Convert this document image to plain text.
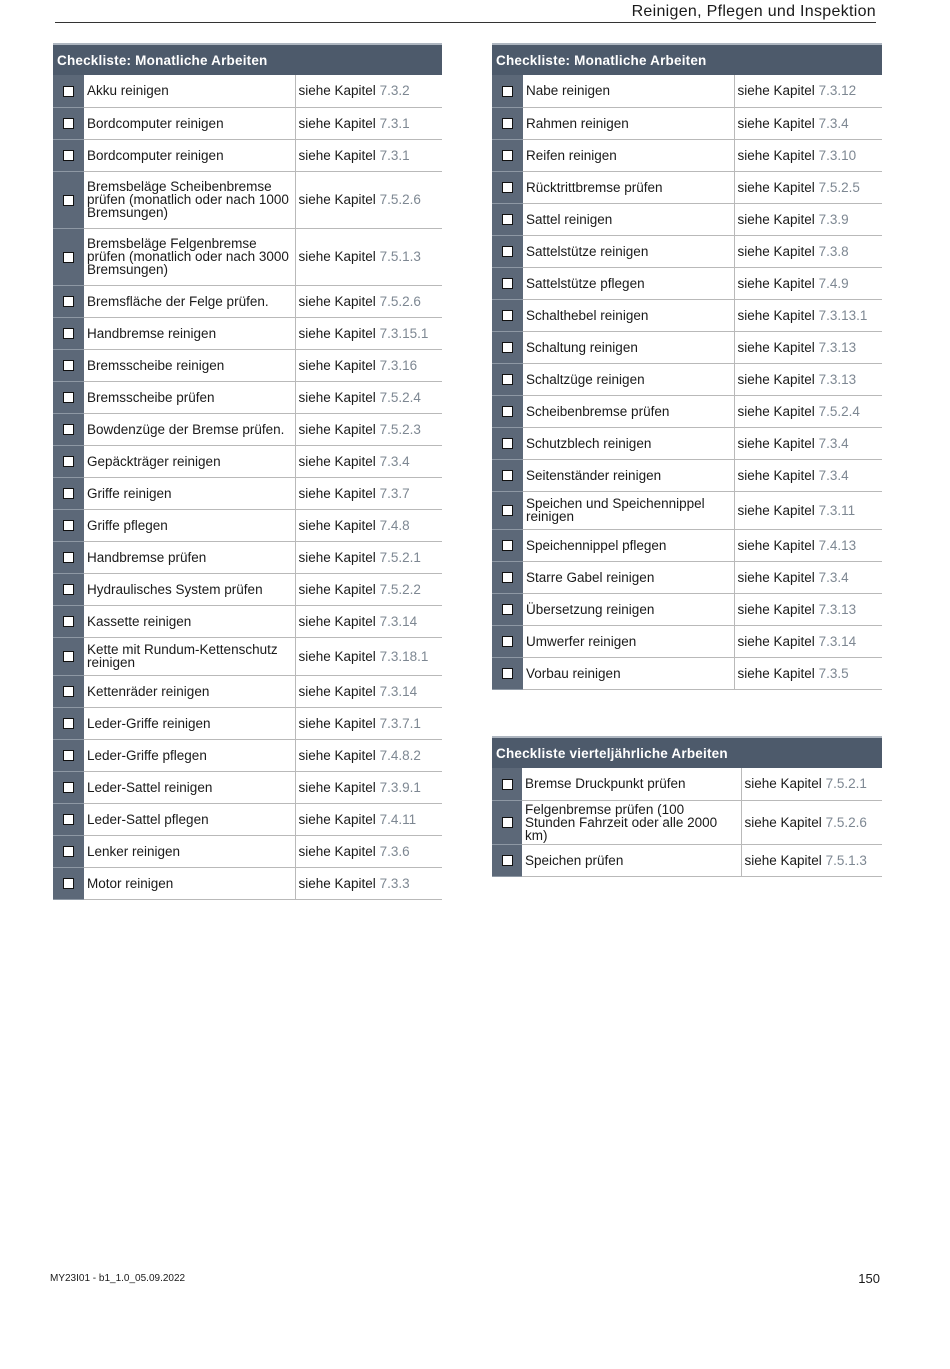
Reinigen, Pflegen und Inspektion
Checkliste: Monatliche Arbeiten		
	Akku reinigen	siehe Kapitel 7.3.2
	Bordcomputer reinigen	siehe Kapitel 7.3.1
	Bordcomputer reinigen	siehe Kapitel 7.3.1
	Bremsbeläge Scheibenbremse prüfen (monatlich oder nach 1000 Bremsungen)	siehe Kapitel 7.5.2.6
	Bremsbeläge Felgenbremse prüfen (monatlich oder nach 3000 Bremsungen)	siehe Kapitel 7.5.1.3
	Bremsfläche der Felge prüfen.	siehe Kapitel 7.5.2.6
	Handbremse reinigen	siehe Kapitel 7.3.15.1
	Bremsscheibe reinigen	siehe Kapitel 7.3.16
	Bremsscheibe prüfen	siehe Kapitel 7.5.2.4
	Bowdenzüge der Bremse prüfen.	siehe Kapitel 7.5.2.3
	Gepäckträger reinigen	siehe Kapitel 7.3.4
	Griffe reinigen	siehe Kapitel 7.3.7
	Griffe pflegen	siehe Kapitel 7.4.8
	Handbremse prüfen	siehe Kapitel 7.5.2.1
	Hydraulisches System prüfen	siehe Kapitel 7.5.2.2
	Kassette reinigen	siehe Kapitel 7.3.14
	Kette mit Rundum-Kettenschutz reinigen	siehe Kapitel 7.3.18.1
	Kettenräder reinigen	siehe Kapitel 7.3.14
	Leder-Griffe reinigen	siehe Kapitel 7.3.7.1
	Leder-Griffe pflegen	siehe Kapitel 7.4.8.2
	Leder-Sattel reinigen	siehe Kapitel 7.3.9.1
	Leder-Sattel pflegen	siehe Kapitel 7.4.11
	Lenker reinigen	siehe Kapitel 7.3.6
	Motor reinigen	siehe Kapitel 7.3.3
Checkliste: Monatliche Arbeiten		
	Nabe reinigen	siehe Kapitel 7.3.12
	Rahmen reinigen	siehe Kapitel 7.3.4
	Reifen reinigen	siehe Kapitel 7.3.10
	Rücktrittbremse prüfen	siehe Kapitel 7.5.2.5
	Sattel reinigen	siehe Kapitel 7.3.9
	Sattelstütze reinigen	siehe Kapitel 7.3.8
	Sattelstütze pflegen	siehe Kapitel 7.4.9
	Schalthebel reinigen	siehe Kapitel 7.3.13.1
	Schaltung reinigen	siehe Kapitel 7.3.13
	Schaltzüge reinigen	siehe Kapitel 7.3.13
	Scheibenbremse prüfen	siehe Kapitel 7.5.2.4
	Schutzblech reinigen	siehe Kapitel 7.3.4
	Seitenständer reinigen	siehe Kapitel 7.3.4
	Speichen und Speichennippel reinigen	siehe Kapitel 7.3.11
	Speichennippel pflegen	siehe Kapitel 7.4.13
	Starre Gabel reinigen	siehe Kapitel 7.3.4
	Übersetzung reinigen	siehe Kapitel 7.3.13
	Umwerfer reinigen	siehe Kapitel 7.3.14
	Vorbau reinigen	siehe Kapitel 7.3.5
Checkliste vierteljährliche Arbeiten		
	Bremse Druckpunkt prüfen	siehe Kapitel 7.5.2.1
	Felgenbremse prüfen (100 Stunden Fahrzeit oder alle 2000 km)	siehe Kapitel 7.5.2.6
	Speichen prüfen	siehe Kapitel 7.5.1.3
MY23I01 - b1_1.0_05.09.2022	150
